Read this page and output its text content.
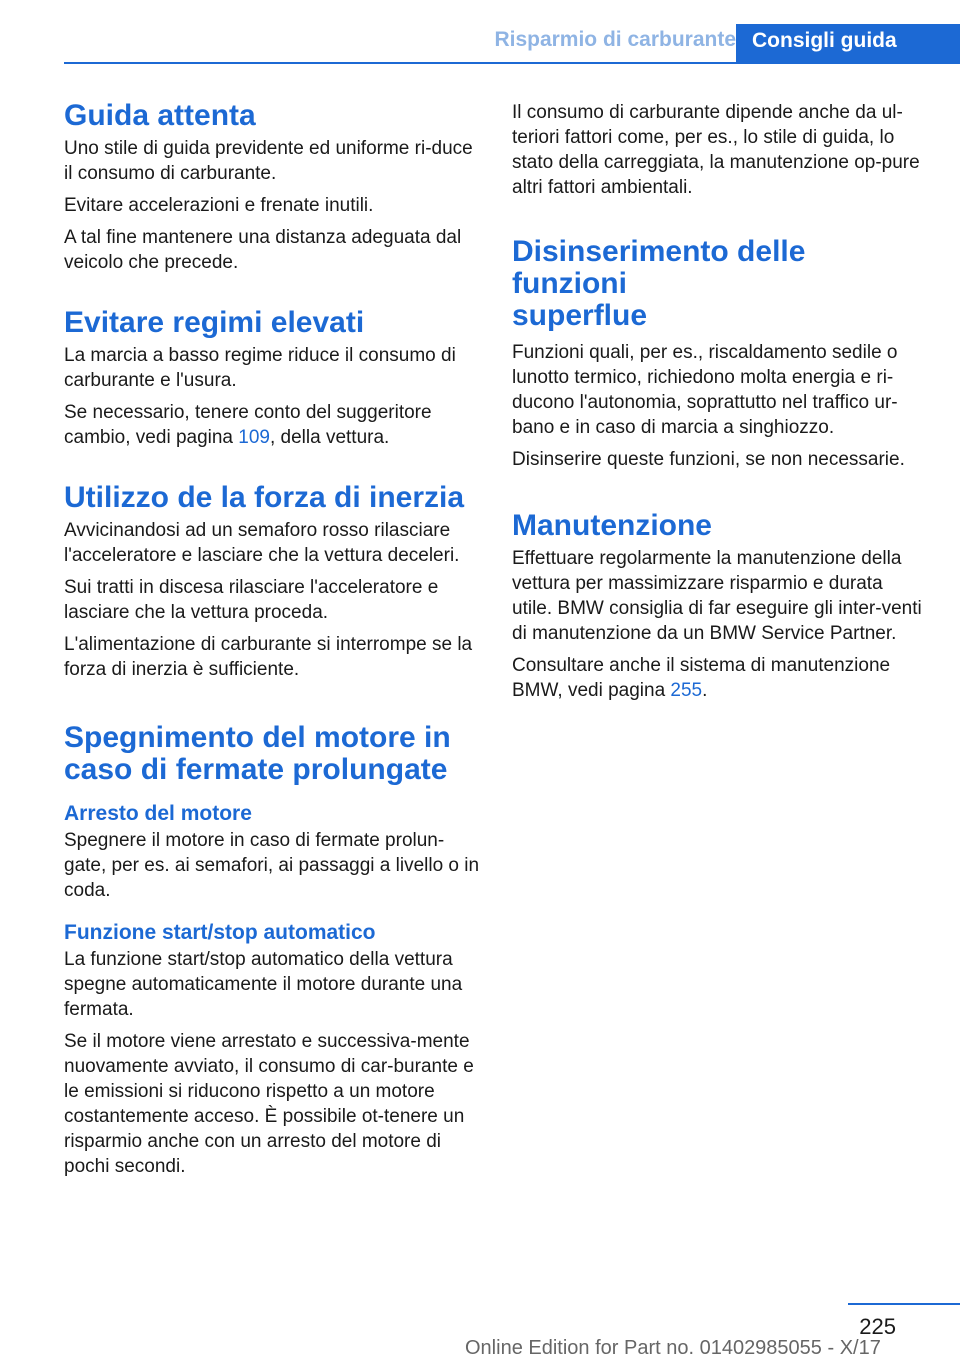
Risparmio di carburante Consigli guida
Guida attenta

Uno stile di guida previdente ed uniforme ri-duce il consumo di carburante.

Evitare accelerazioni e frenate inutili.

A tal fine mantenere una distanza adeguata dal veicolo che precede.

Evitare regimi elevati

La marcia a basso regime riduce il consumo di carburante e l'usura.

Se necessario, tenere conto del suggeritore cambio, vedi pagina 109, della vettura.

Utilizzo de la forza di inerzia

Avvicinandosi ad un semaforo rosso rilasciare l'acceleratore e lasciare che la vettura deceleri.

Sui tratti in discesa rilasciare l'acceleratore e lasciare che la vettura proceda.

L'alimentazione di carburante si interrompe se la forza di inerzia è sufficiente.

Spegnimento del motore in
caso di fermate prolungate
Arresto del motore

Spegnere il motore in caso di fermate prolun-gate, per es. ai semafori, ai passaggi a livello o in coda.

Funzione start/stop automatico

La funzione start/stop automatico della vettura spegne automaticamente il motore durante una fermata.

Se il motore viene arrestato e successiva-mente nuovamente avviato, il consumo di car-burante e le emissioni si riducono rispetto a un motore costantemente acceso. È possibile ot-tenere un risparmio anche con un arresto del motore di pochi secondi.

Il consumo di carburante dipende anche da ul-teriori fattori come, per es., lo stile di guida, lo stato della carreggiata, la manutenzione op-pure altri fattori ambientali.

Disinserimento delle funzioni
superflue

Funzioni quali, per es., riscaldamento sedile o lunotto termico, richiedono molta energia e ri-ducono l'autonomia, soprattutto nel traffico ur-bano e in caso di marcia a singhiozzo.

Disinserire queste funzioni, se non necessarie.

Manutenzione

Effettuare regolarmente la manutenzione della vettura per massimizzare risparmio e durata utile. BMW consiglia di far eseguire gli inter-venti di manutenzione da un BMW Service Partner.

Consultare anche il sistema di manutenzione BMW, vedi pagina 255.

225
Online Edition for Part no. 01402985055 - X/17
